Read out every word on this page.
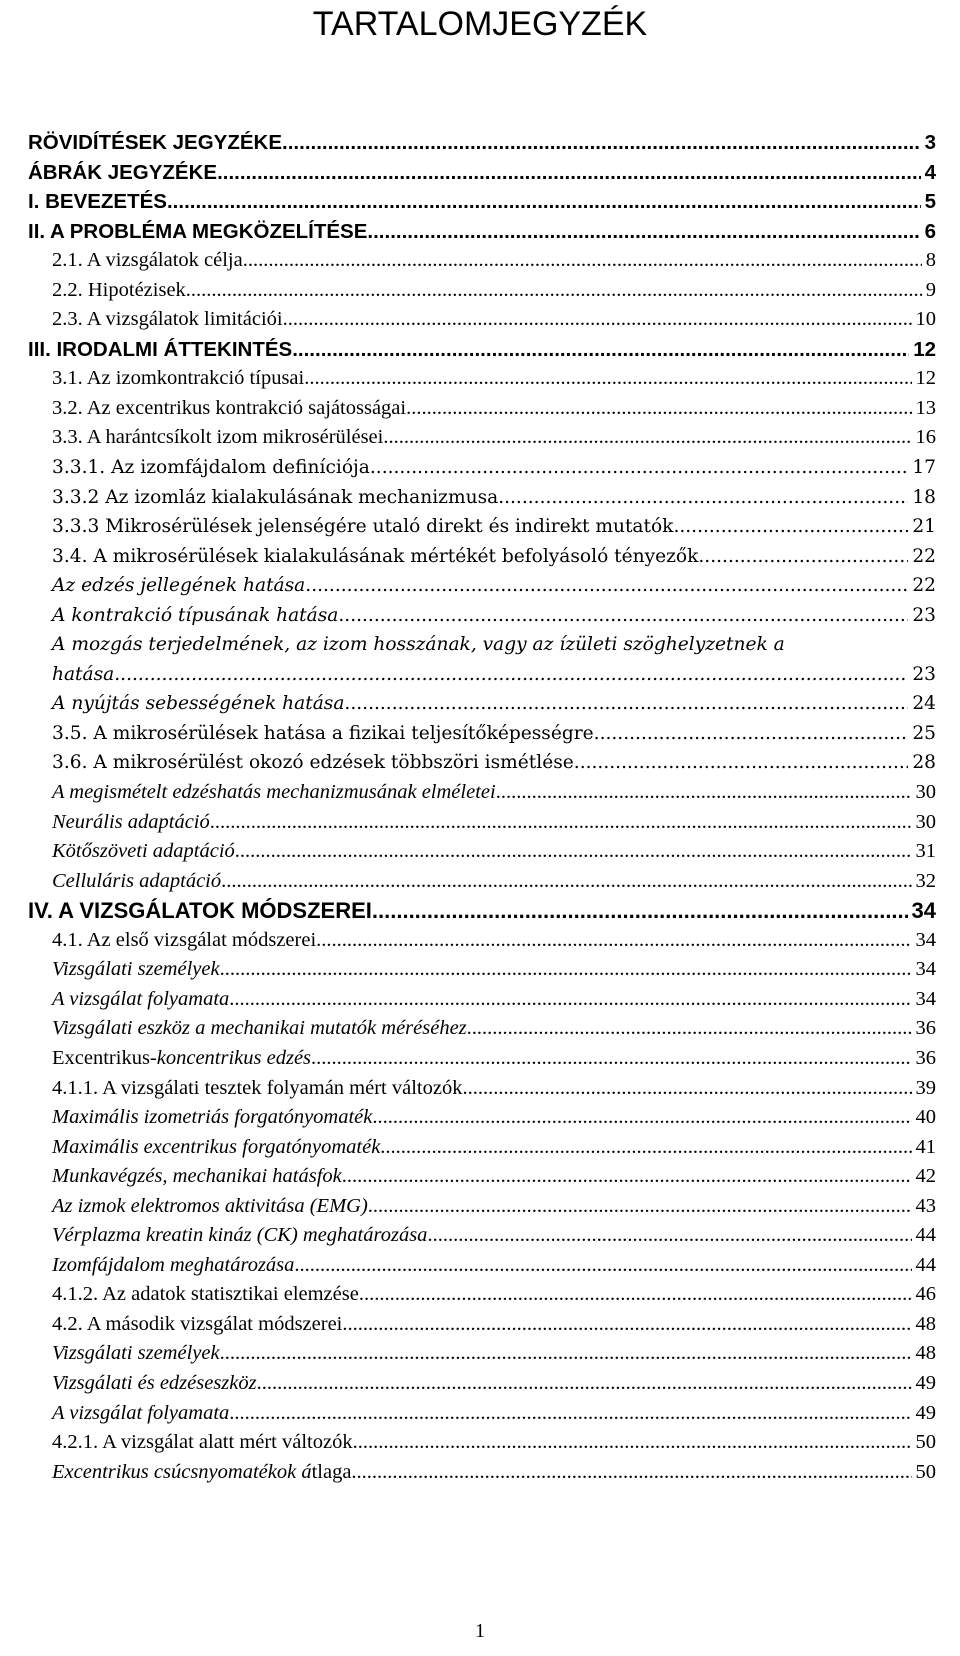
TARTALOMJEGYZÉK
RÖVIDÍTÉSEK JEGYZÉKE .....	3
ÁBRÁK JEGYZÉKE .....	4
I. BEVEZETÉS .....	5
II. A PROBLÉMA MEGKÖZELÍTÉSE .....	6
2.1. A vizsgálatok célja .....	8
2.2. Hipotézisek .....	9
2.3. A vizsgálatok limitációi .....	10
III. IRODALMI ÁTTEKINTÉS .....	12
3.1. Az izomkontrakció típusai .....	12
3.2. Az excentrikus kontrakció sajátosságai .....	13
3.3. A harántcsíkolt izom mikrosérülései .....	16
3.3.1. Az izomfájdalom definíciója .....	17
3.3.2 Az izomláz kialakulásának mechanizmusa .....	18
3.3.3 Mikrosérülések jelenségére utaló direkt és indirekt mutatók .....	21
3.4. A mikrosérülések kialakulásának mértékét befolyásoló tényezők .....	22
Az edzés jellegének hatása .....	22
A kontrakció típusának hatása .....	23
A mozgás terjedelmének, az izom hosszának, vagy az ízületi szöghelyzetnek a
hatása .....	23
A nyújtás sebességének hatása .....	24
3.5. A mikrosérülések hatása a fizikai teljesítőképességre .....	25
3.6. A mikrosérülést okozó edzések többszöri ismétlése .....	28
A megismételt edzéshatás mechanizmusának elméletei .....	30
Neurális adaptáció .....	30
Kötőszöveti adaptáció .....	31
Celluláris adaptáció .....	32
IV. A VIZSGÁLATOK MÓDSZEREI .....	34
4.1. Az első vizsgálat módszerei .....	34
Vizsgálati személyek .....	34
A vizsgálat folyamata .....	34
Vizsgálati eszköz a mechanikai mutatók méréséhez .....	36
Excentrikus-koncentrikus edzés .....	36
4.1.1. A vizsgálati tesztek folyamán mért változók .....	39
Maximális izometriás forgatónyomaték .....	40
Maximális excentrikus forgatónyomaték .....	41
Munkavégzés, mechanikai hatásfok .....	42
Az izmok elektromos aktivitása (EMG) .....	43
Vérplazma kreatin kináz (CK) meghatározása .....	44
Izomfájdalom meghatározása .....	44
4.1.2. Az adatok statisztikai elemzése .....	46
4.2. A második vizsgálat módszerei .....	48
Vizsgálati személyek .....	48
Vizsgálati és edzéseszköz .....	49
A vizsgálat folyamata .....	49
4.2.1. A vizsgálat alatt mért változók .....	50
Excentrikus csúcsnyomatékok átlaga .....	50
1
